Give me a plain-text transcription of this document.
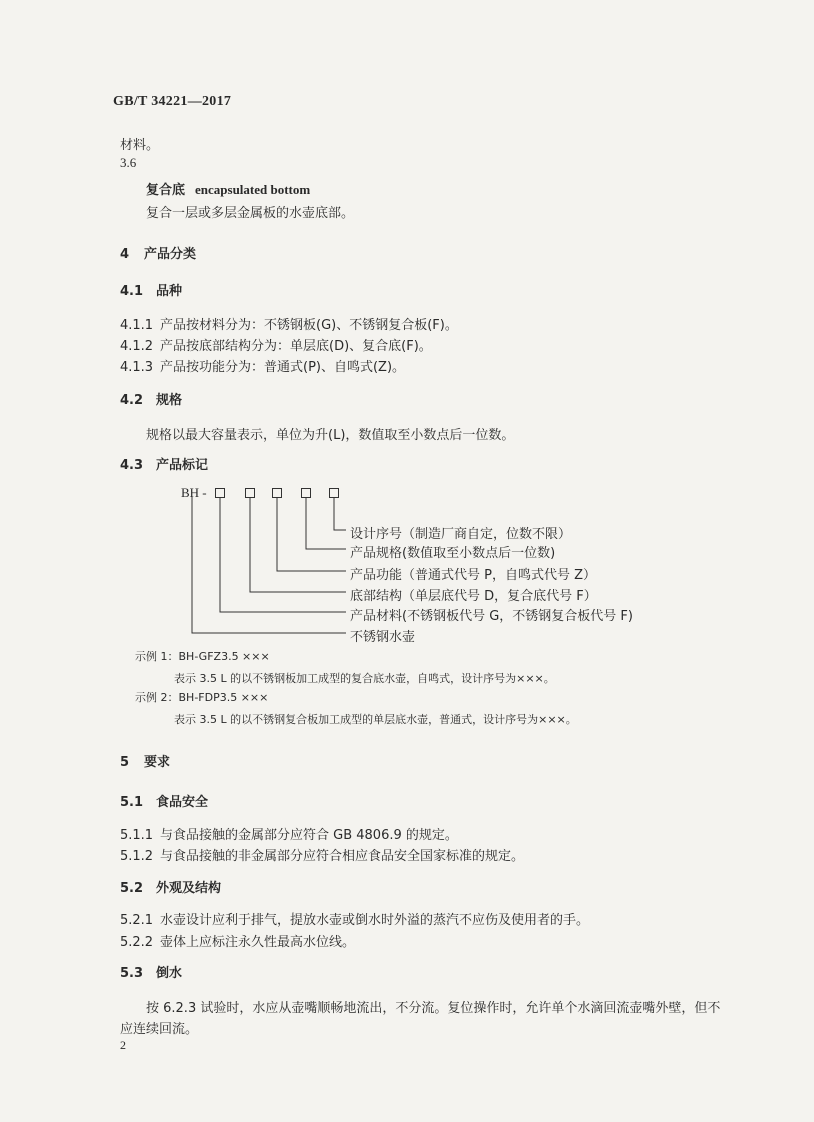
GB/T 34221—2017
材料。
3.6
复合底 encapsulated bottom
复合一层或多层金属板的水壶底部。
4 产品分类
4.1 品种
4.1.1 产品按材料分为：不锈钢板(G)、不锈钢复合板(F)。
4.1.2 产品按底部结构分为：单层底(D)、复合底(F)。
4.1.3 产品按功能分为：普通式(P)、自鸣式(Z)。
4.2 规格
规格以最大容量表示，单位为升(L)，数值取至小数点后一位数。
4.3 产品标记
BH -
设计序号（制造厂商自定，位数不限）
产品规格(数值取至小数点后一位数)
产品功能（普通式代号 P，自鸣式代号 Z）
底部结构（单层底代号 D，复合底代号 F）
产品材料(不锈钢板代号 G，不锈钢复合板代号 F)
不锈钢水壶
示例 1：BH-GFZ3.5 ×××
表示 3.5 L 的以不锈钢板加工成型的复合底水壶，自鸣式，设计序号为×××。
示例 2：BH-FDP3.5 ×××
表示 3.5 L 的以不锈钢复合板加工成型的单层底水壶，普通式，设计序号为×××。
5 要求
5.1 食品安全
5.1.1 与食品接触的金属部分应符合 GB 4806.9 的规定。
5.1.2 与食品接触的非金属部分应符合相应食品安全国家标准的规定。
5.2 外观及结构
5.2.1 水壶设计应利于排气，提放水壶或倒水时外溢的蒸汽不应伤及使用者的手。
5.2.2 壶体上应标注永久性最高水位线。
5.3 倒水
按 6.2.3 试验时，水应从壶嘴顺畅地流出，不分流。复位操作时，允许单个水滴回流壶嘴外壁，但不
应连续回流。
2
